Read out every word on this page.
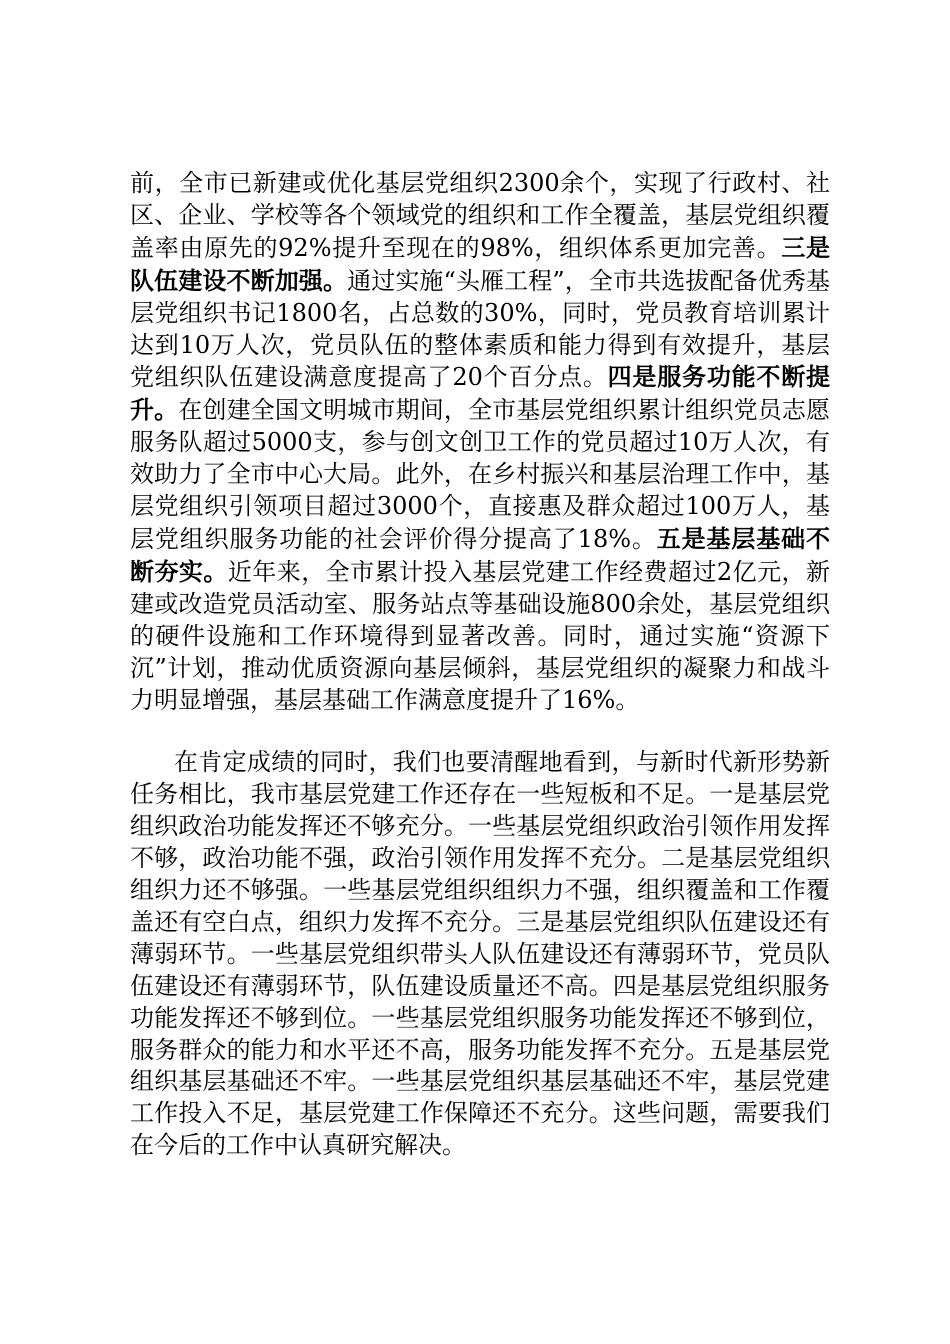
前，全市已新建或优化基层党组织2300余个，实现了行政村、社区、企业、学校等各个领域党的组织和工作全覆盖，基层党组织覆盖率由原先的92%提升至现在的98%，组织体系更加完善。三是队伍建设不断加强。通过实施“头雁工程”，全市共选拔配备优秀基层党组织书记1800名，占总数的30%，同时，党员教育培训累计达到10万人次，党员队伍的整体素质和能力得到有效提升，基层党组织队伍建设满意度提高了20个百分点。四是服务功能不断提升。在创建全国文明城市期间，全市基层党组织累计组织党员志愿服务队超过5000支，参与创文创卫工作的党员超过10万人次，有效助力了全市中心大局。此外，在乡村振兴和基层治理工作中，基层党组织引领项目超过3000个，直接惠及群众超过100万人，基层党组织服务功能的社会评价得分提高了18%。五是基层基础不断夯实。近年来，全市累计投入基层党建工作经费超过2亿元，新建或改造党员活动室、服务站点等基础设施800余处，基层党组织的硬件设施和工作环境得到显著改善。同时，通过实施“资源下沉”计划，推动优质资源向基层倾斜，基层党组织的凝聚力和战斗力明显增强，基层基础工作满意度提升了16%。

在肯定成绩的同时，我们也要清醒地看到，与新时代新形势新任务相比，我市基层党建工作还存在一些短板和不足。一是基层党组织政治功能发挥还不够充分。一些基层党组织政治引领作用发挥不够，政治功能不强，政治引领作用发挥不充分。二是基层党组织组织力还不够强。一些基层党组织组织力不强，组织覆盖和工作覆盖还有空白点，组织力发挥不充分。三是基层党组织队伍建设还有薄弱环节。一些基层党组织带头人队伍建设还有薄弱环节，党员队伍建设还有薄弱环节，队伍建设质量还不高。四是基层党组织服务功能发挥还不够到位。一些基层党组织服务功能发挥还不够到位，服务群众的能力和水平还不高，服务功能发挥不充分。五是基层党组织基层基础还不牢。一些基层党组织基层基础还不牢，基层党建工作投入不足，基层党建工作保障还不充分。这些问题，需要我们在今后的工作中认真研究解决。
